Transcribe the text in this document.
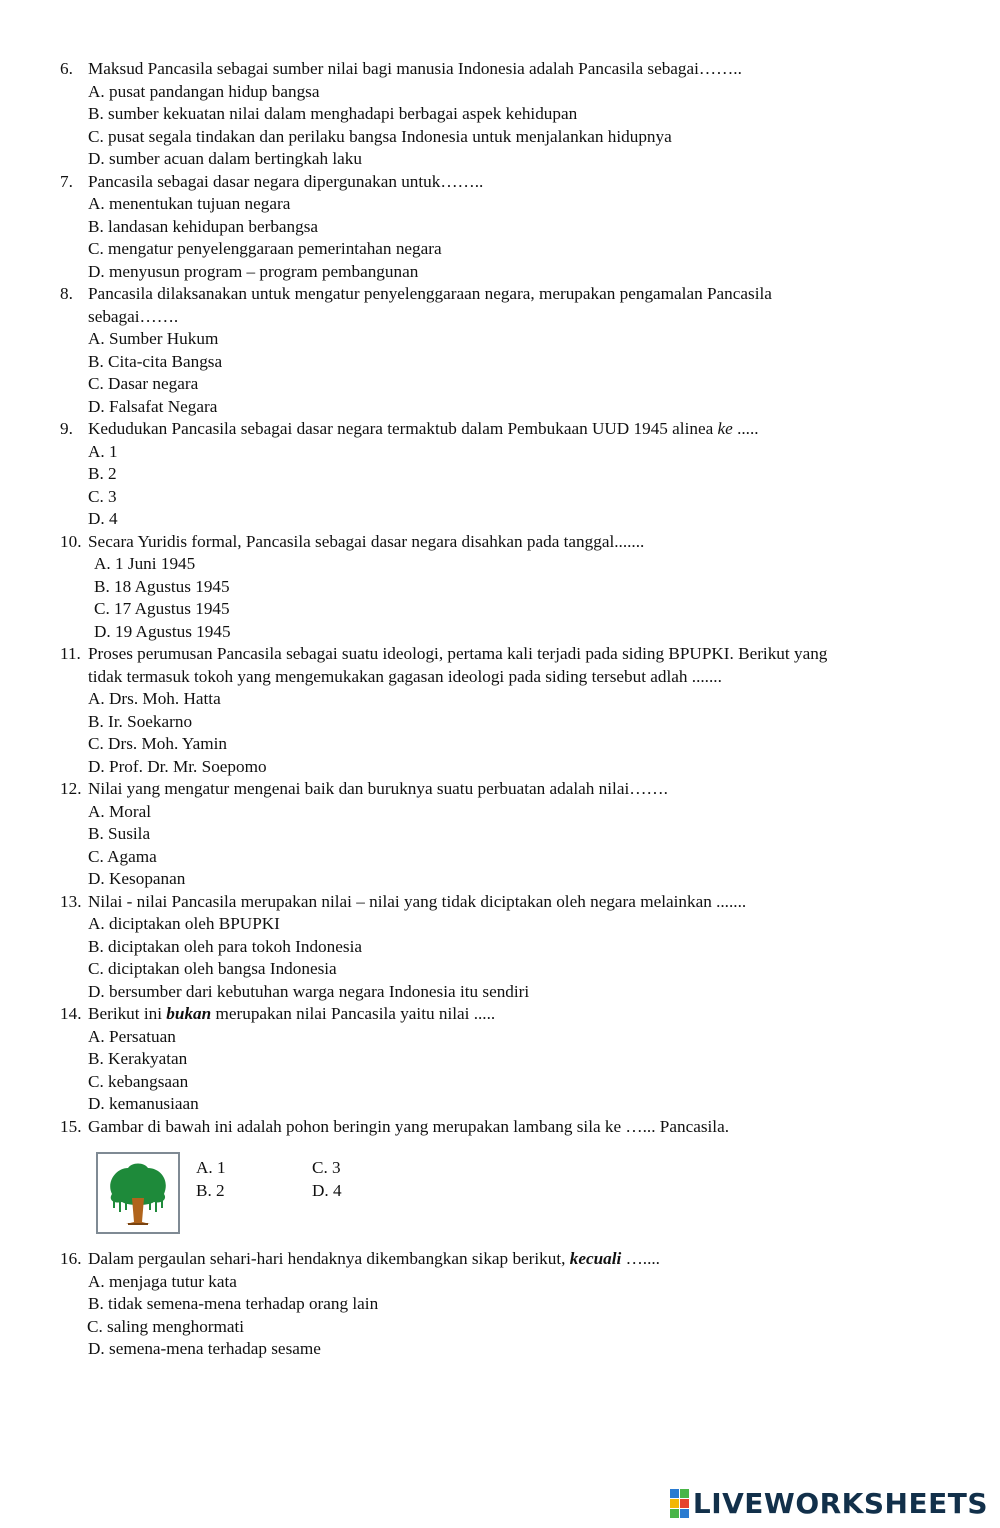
6. Maksud Pancasila sebagai sumber nilai bagi manusia Indonesia adalah Pancasila sebagai……..
A. pusat pandangan hidup bangsa
B. sumber kekuatan nilai dalam menghadapi berbagai aspek kehidupan
C. pusat segala tindakan dan perilaku bangsa Indonesia untuk menjalankan hidupnya
D. sumber acuan dalam bertingkah laku
7. Pancasila sebagai dasar negara dipergunakan untuk……..
A. menentukan tujuan negara
B. landasan kehidupan berbangsa
C. mengatur penyelenggaraan pemerintahan negara
D. menyusun program – program pembangunan
8. Pancasila dilaksanakan untuk mengatur penyelenggaraan negara, merupakan pengamalan Pancasila
sebagai…….
A. Sumber Hukum
B. Cita-cita Bangsa
C. Dasar negara
D. Falsafat Negara
9. Kedudukan Pancasila sebagai dasar negara termaktub dalam Pembukaan UUD 1945 alinea ke .....
A. 1
B. 2
C. 3
D. 4
10. Secara Yuridis formal, Pancasila sebagai dasar negara disahkan pada tanggal.......
A. 1 Juni 1945
B. 18 Agustus 1945
C. 17 Agustus 1945
D. 19 Agustus 1945
11. Proses perumusan Pancasila sebagai suatu ideologi, pertama kali terjadi pada siding BPUPKI. Berikut yang
tidak termasuk tokoh yang mengemukakan gagasan ideologi pada siding tersebut adlah .......
A. Drs. Moh. Hatta
B. Ir. Soekarno
C. Drs. Moh. Yamin
D. Prof. Dr. Mr. Soepomo
12. Nilai yang mengatur mengenai baik dan buruknya suatu perbuatan adalah nilai…….
A. Moral
B. Susila
C. Agama
D. Kesopanan
13. Nilai - nilai Pancasila merupakan nilai – nilai yang tidak diciptakan oleh negara melainkan .......
A. diciptakan oleh BPUPKI
B. diciptakan oleh para tokoh Indonesia
C. diciptakan oleh bangsa Indonesia
D. bersumber dari kebutuhan warga negara Indonesia itu sendiri
14. Berikut ini bukan merupakan nilai Pancasila yaitu nilai .....
A. Persatuan
B. Kerakyatan
C. kebangsaan
D. kemanusiaan
15. Gambar di bawah ini adalah pohon beringin yang merupakan lambang sila ke …... Pancasila.
A. 1	C. 3
B. 2	D. 4
16. Dalam pergaulan sehari-hari hendaknya dikembangkan sikap berikut, kecuali …....
A. menjaga tutur kata
B. tidak semena-mena terhadap orang lain
C. saling menghormati
D. semena-mena terhadap sesame
LIVEWORKSHEETS
